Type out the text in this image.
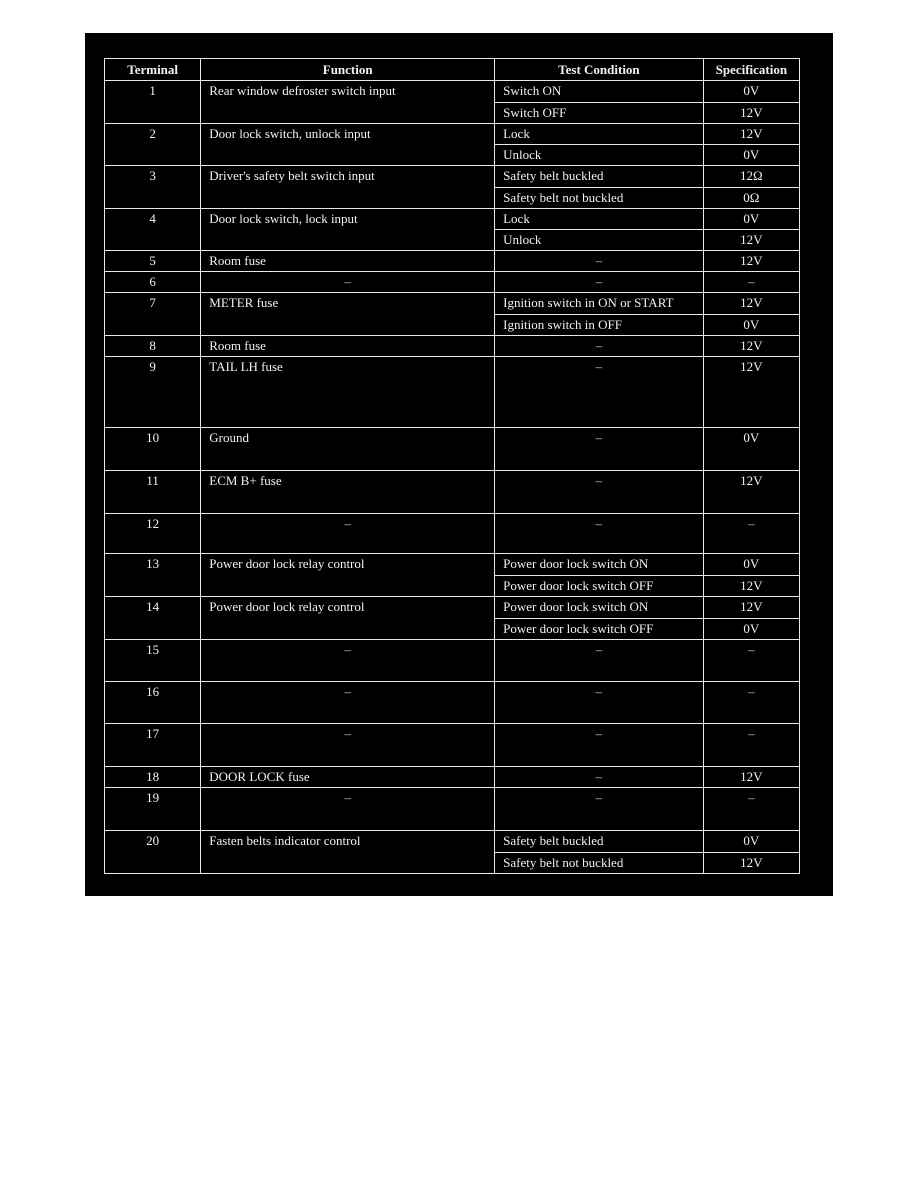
Terminal	Function	Test Condition	Specification
1	Rear window defroster switch input	Switch ON	0V
		Switch OFF	12V
2	Door lock switch, unlock input	Lock	12V
		Unlock	0V
3	Driver's safety belt switch input	Safety belt buckled	12Ω
		Safety belt not buckled	0Ω
4	Door lock switch, lock input	Lock	0V
		Unlock	12V
5	Room fuse	–	12V
6	–	–	–
7	METER fuse	Ignition switch in ON or START	12V
		Ignition switch in OFF	0V
8	Room fuse	–	12V
9	TAIL LH fuse	–	12V
10	Ground	–	0V
11	ECM B+ fuse	–	12V
12	–	–	–
13	Power door lock relay control	Power door lock switch ON	0V
		Power door lock switch OFF	12V
14	Power door lock relay control	Power door lock switch ON	12V
		Power door lock switch OFF	0V
15	–	–	–
16	–	–	–
17	–	–	–
18	DOOR LOCK fuse	–	12V
19	–	–	–
20	Fasten belts indicator control	Safety belt buckled	0V
		Safety belt not buckled	12V
